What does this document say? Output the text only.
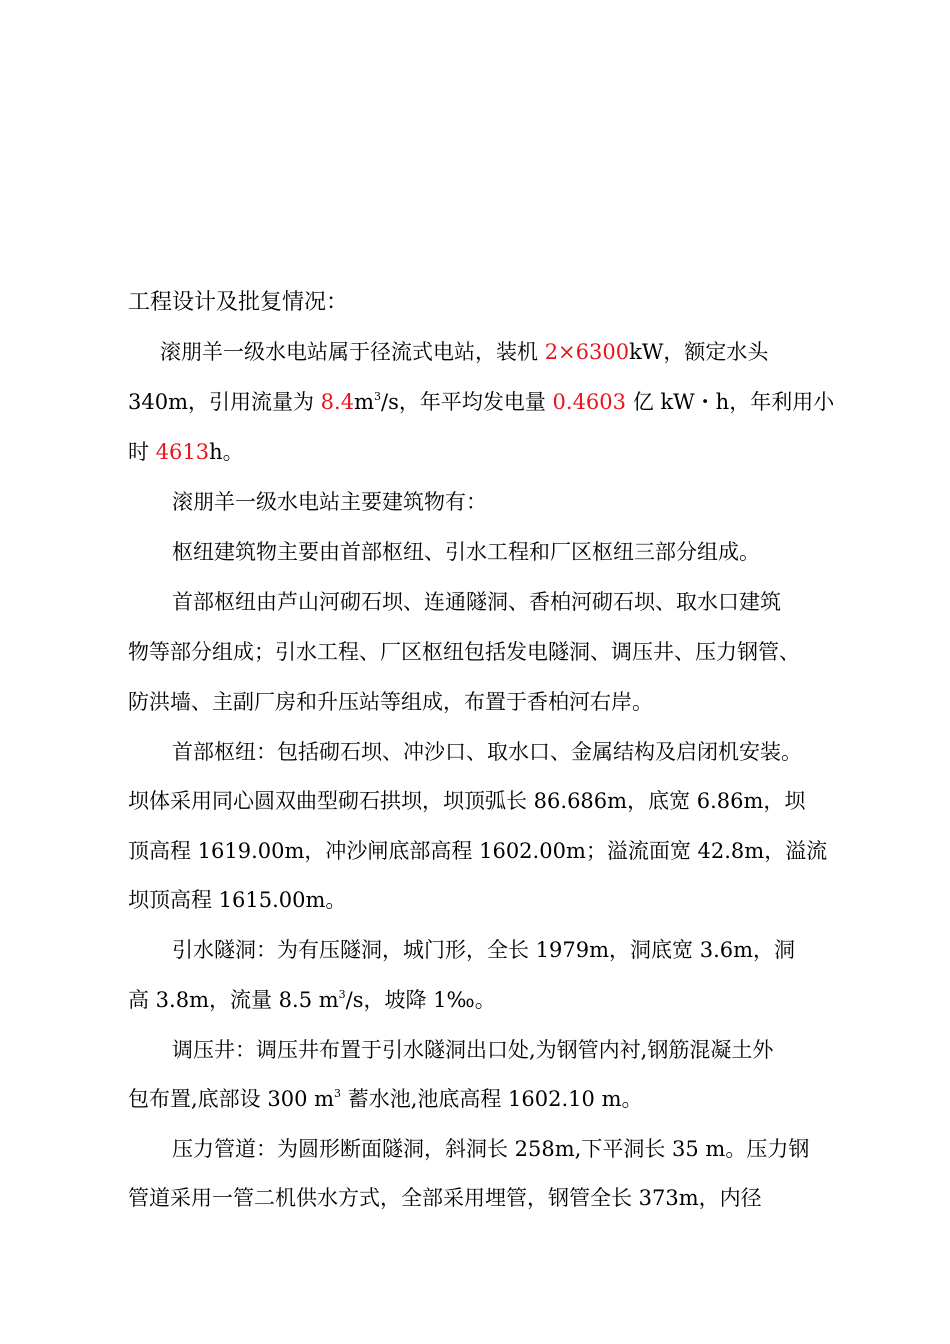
工程设计及批复情况：
滚朋羊一级水电站属于径流式电站，装机 2×6300kW，额定水头
340m，引用流量为 $8.4m^3/s$，年平均发电量 0.4603 亿 kW・h，年利用小
时 4613h。
滚朋羊一级水电站主要建筑物有：
枢纽建筑物主要由首部枢纽、引水工程和厂区枢纽三部分组成。
首部枢纽由芦山河砌石坝、连通隧洞、香柏河砌石坝、取水口建筑
物等部分组成；引水工程、厂区枢纽包括发电隧洞、调压井、压力钢管、
防洪墙、主副厂房和升压站等组成，布置于香柏河右岸。
首部枢纽：包括砌石坝、冲沙口、取水口、金属结构及启闭机安装。
坝体采用同心圆双曲型砌石拱坝，坝顶弧长 86.686m，底宽 6.86m，坝
顶高程 1619.00m，冲沙闸底部高程 1602.00m；溢流面宽 42.8m，溢流
坝顶高程 1615.00m。
引水隧洞：为有压隧洞，城门形，全长 1979m，洞底宽 3.6m，洞
高 3.8m，流量 8.5 $m^3/s$，坡降 1‰。
调压井：调压井布置于引水隧洞出口处,为钢管内衬,钢筋混凝土外
包布置,底部设 300 $m^3$ 蓄水池,池底高程 1602.10 m。
压力管道：为圆形断面隧洞，斜洞长 258m,下平洞长 35 m。压力钢
管道采用一管二机供水方式，全部采用埋管，钢管全长 373m，内径
